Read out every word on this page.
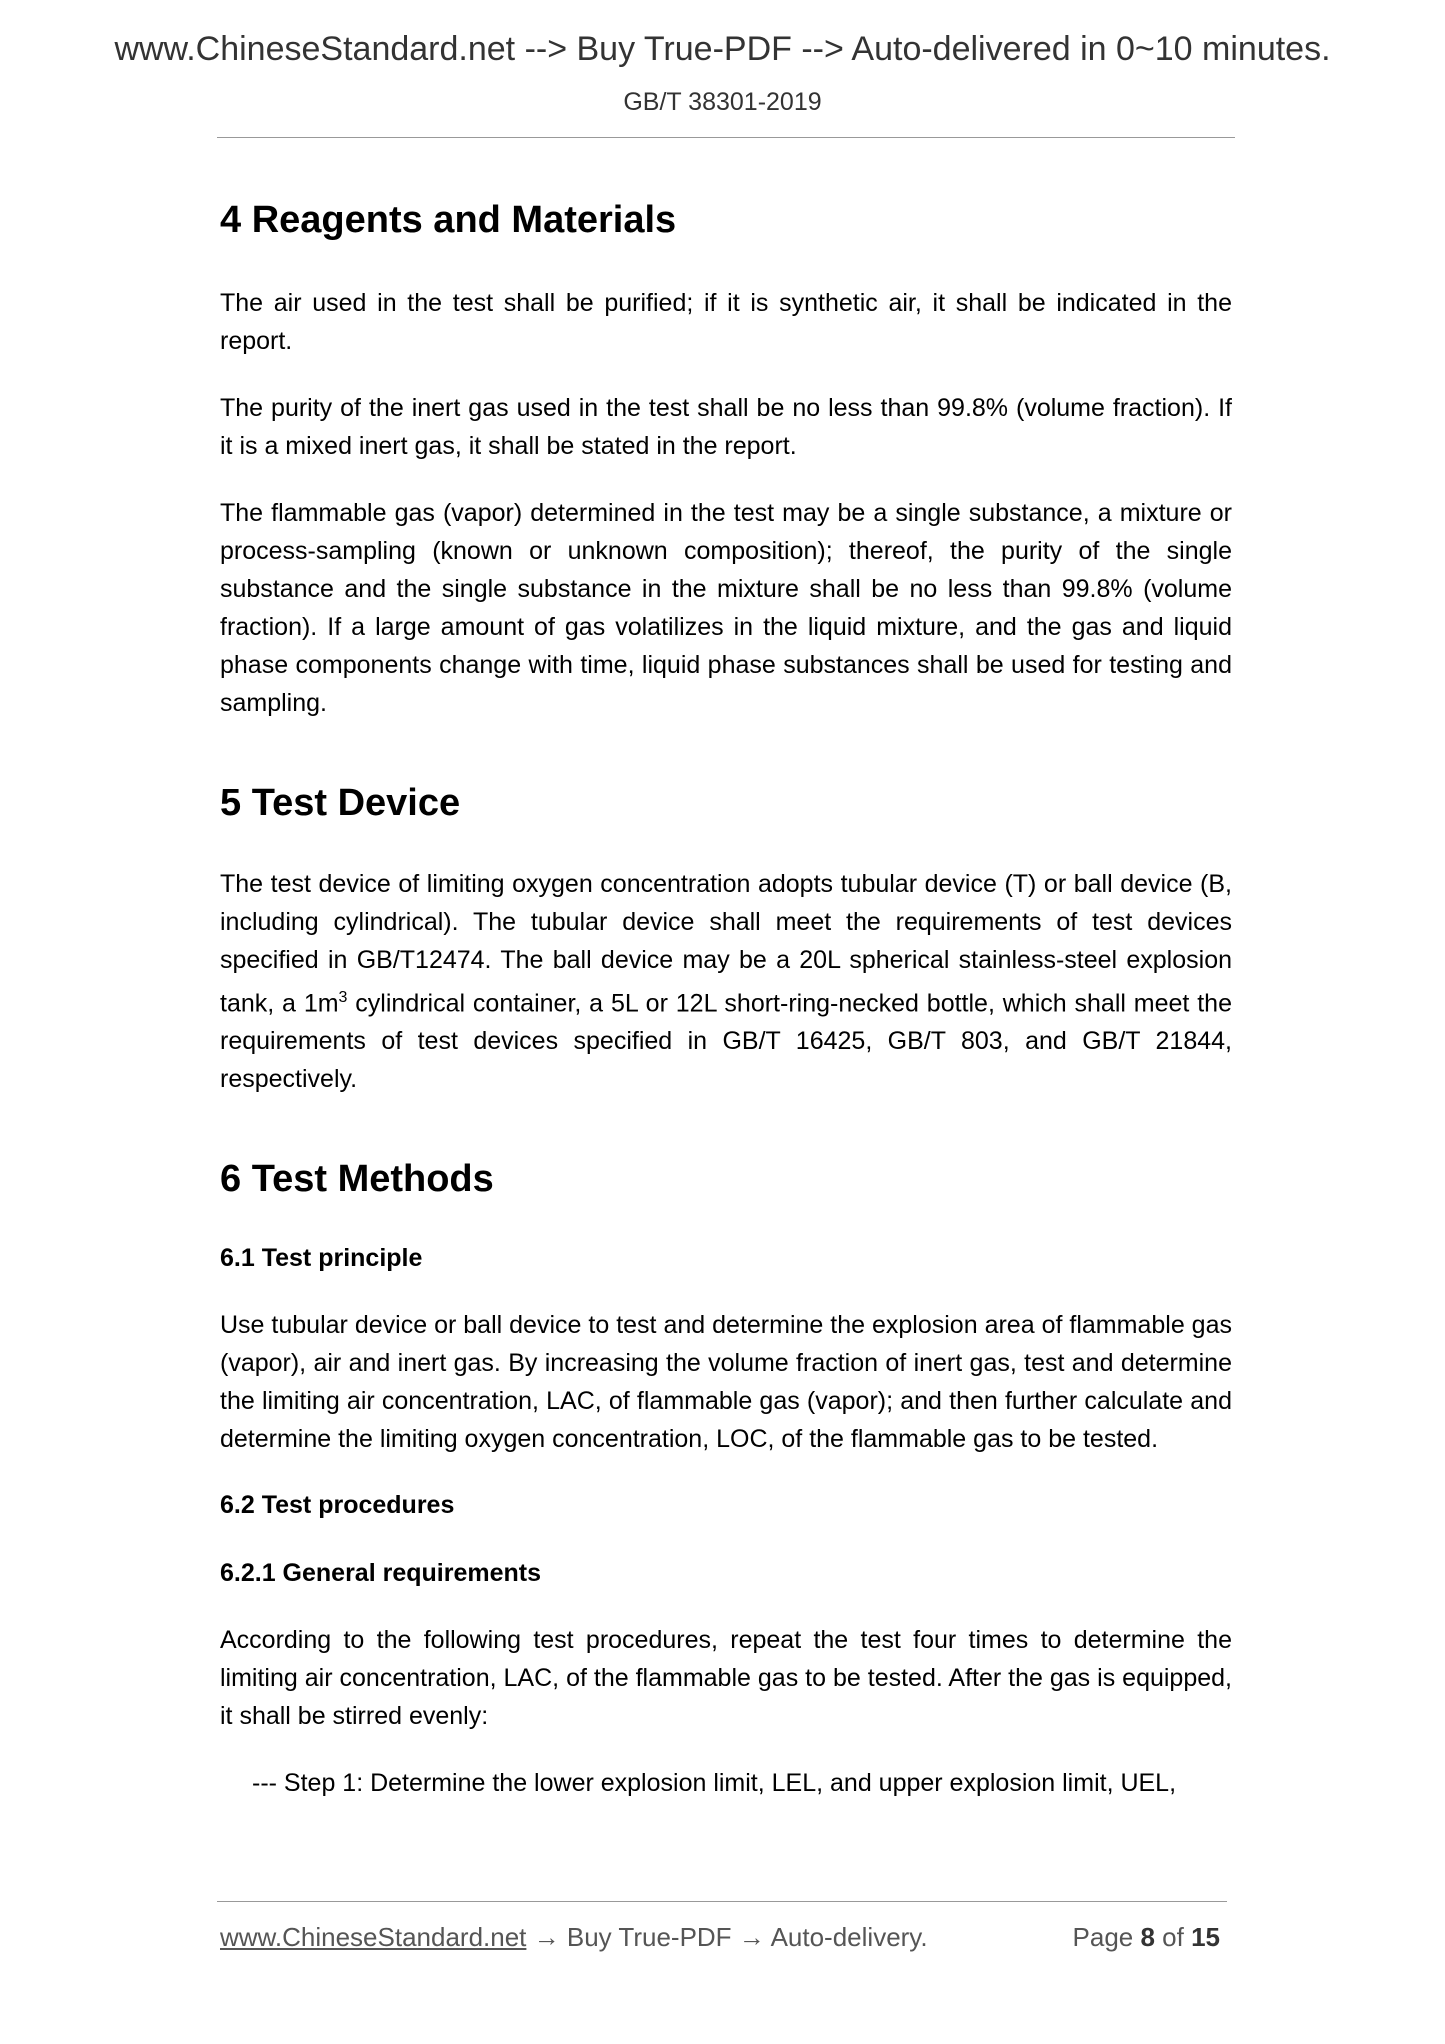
www.ChineseStandard.net --> Buy True-PDF --> Auto-delivered in 0~10 minutes.
GB/T 38301-2019
4 Reagents and Materials

The air used in the test shall be purified; if it is synthetic air, it shall be indicated in the report.

The purity of the inert gas used in the test shall be no less than 99.8% (volume fraction). If it is a mixed inert gas, it shall be stated in the report.

The flammable gas (vapor) determined in the test may be a single substance, a mixture or process-sampling (known or unknown composition); thereof, the purity of the single substance and the single substance in the mixture shall be no less than 99.8% (volume fraction). If a large amount of gas volatilizes in the liquid mixture, and the gas and liquid phase components change with time, liquid phase substances shall be used for testing and sampling.

5 Test Device

The test device of limiting oxygen concentration adopts tubular device (T) or ball device (B, including cylindrical). The tubular device shall meet the requirements of test devices specified in GB/T12474. The ball device may be a 20L spherical stainless-steel explosion tank, a $1m^3$ cylindrical container, a 5L or 12L short-ring-necked bottle, which shall meet the requirements of test devices specified in GB/T 16425, GB/T 803, and GB/T 21844, respectively.

6 Test Methods
6.1 Test principle

Use tubular device or ball device to test and determine the explosion area of flammable gas (vapor), air and inert gas. By increasing the volume fraction of inert gas, test and determine the limiting air concentration, LAC, of flammable gas (vapor); and then further calculate and determine the limiting oxygen concentration, LOC, of the flammable gas to be tested.

6.2 Test procedures
6.2.1 General requirements

According to the following test procedures, repeat the test four times to determine the limiting air concentration, LAC, of the flammable gas to be tested. After the gas is equipped, it shall be stirred evenly:

--- Step 1: Determine the lower explosion limit, LEL, and upper explosion limit, UEL,

www.ChineseStandard.net → Buy True-PDF → Auto-delivery.	Page 8 of 15
